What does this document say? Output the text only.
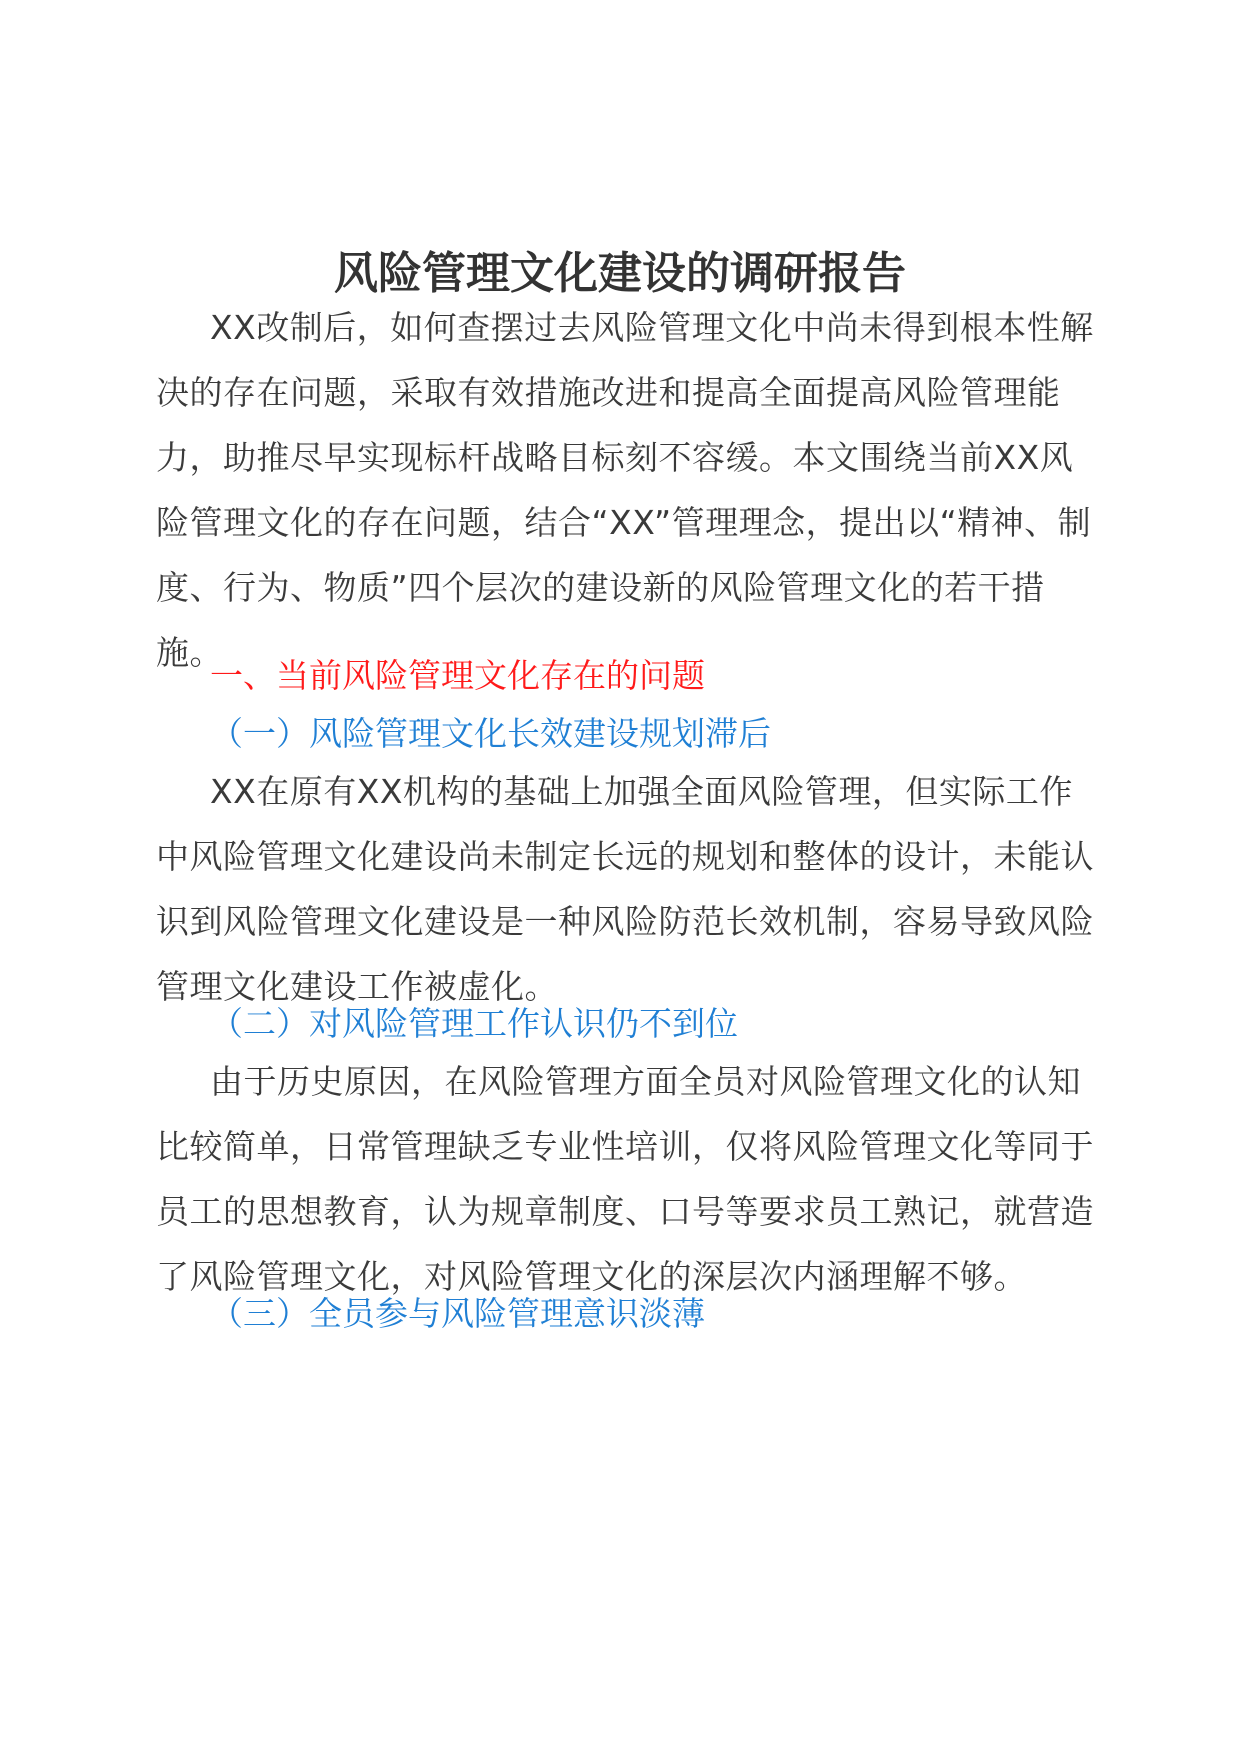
风险管理文化建设的调研报告

XX改制后，如何查摆过去风险管理文化中尚未得到根本性解决的存在问题，采取有效措施改进和提高全面提高风险管理能力，助推尽早实现标杆战略目标刻不容缓。本文围绕当前XX风险管理文化的存在问题，结合“XX”管理理念，提出以“精神、制度、行为、物质”四个层次的建设新的风险管理文化的若干措施。

一、当前风险管理文化存在的问题

（一）风险管理文化长效建设规划滞后

XX在原有XX机构的基础上加强全面风险管理，但实际工作中风险管理文化建设尚未制定长远的规划和整体的设计，未能认识到风险管理文化建设是一种风险防范长效机制，容易导致风险管理文化建设工作被虚化。

（二）对风险管理工作认识仍不到位

由于历史原因，在风险管理方面全员对风险管理文化的认知比较简单，日常管理缺乏专业性培训，仅将风险管理文化等同于员工的思想教育，认为规章制度、口号等要求员工熟记，就营造了风险管理文化，对风险管理文化的深层次内涵理解不够。

（三）全员参与风险管理意识淡薄
